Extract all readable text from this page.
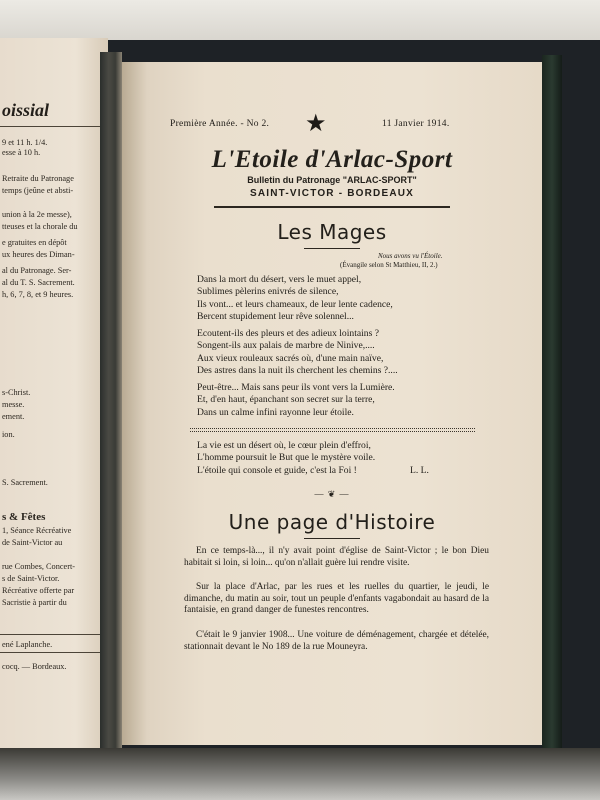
oissial
9 et 11 h. 1/4.
esse à 10 h.
Retraite du Patronage
temps (jeûne et absti-
union à la 2e messe),
tteuses et la chorale du
e gratuites en dépôt
ux heures des Diman-
al du Patronage. Ser-
al du T. S. Sacrement.
h, 6, 7, 8, et 9 heures.
s-Christ.
messe.
ement.
ion.
S. Sacrement.
s & Fêtes
1, Séance Récréative
de Saint-Victor au
rue Combes, Concert-
s de Saint-Victor.
Récréative offerte par
Sacristie à partir du
ené Laplanche.
cocq. — Bordeaux.
Première Année. - No 2. ★	11 Janvier 1914.
L'Etoile d'Arlac-Sport
Bulletin du Patronage "ARLAC-SPORT"
SAINT-VICTOR - BORDEAUX
Les Mages
Nous avons vu l'Étoile.
(Évangile selon St Matthieu, II, 2.)
Dans la mort du désert, vers le muet appel,
Sublimes pèlerins enivrés de silence,
Ils vont... et leurs chameaux, de leur lente cadence,
Bercent stupidement leur rêve solennel...
Ecoutent-ils des pleurs et des adieux lointains ?
Songent-ils aux palais de marbre de Ninive,....
Aux vieux rouleaux sacrés où, d'une main naïve,
Des astres dans la nuit ils cherchent les chemins ?....
Peut-être... Mais sans peur ils vont vers la Lumière.
Et, d'en haut, épanchant son secret sur la terre,
Dans un calme infini rayonne leur étoile.
La vie est un désert où, le cœur plein d'effroi,
L'homme poursuit le But que le mystère voile.
L'étoile qui console et guide, c'est la Foi !	L. L.
— ❦ —
Une page d'Histoire
En ce temps-là..., il n'y avait point d'église de Saint-Victor ; le bon Dieu habitait si loin, si loin... qu'on n'allait guère lui rendre visite.
Sur la place d'Arlac, par les rues et les ruelles du quartier, le jeudi, le dimanche, du matin au soir, tout un peuple d'enfants vagabondait au hasard de la fantaisie, en grand danger de funestes rencontres.
C'était le 9 janvier 1908... Une voiture de déménagement, chargée et dételée, stationnait devant le No 189 de la rue Mouneyra.
